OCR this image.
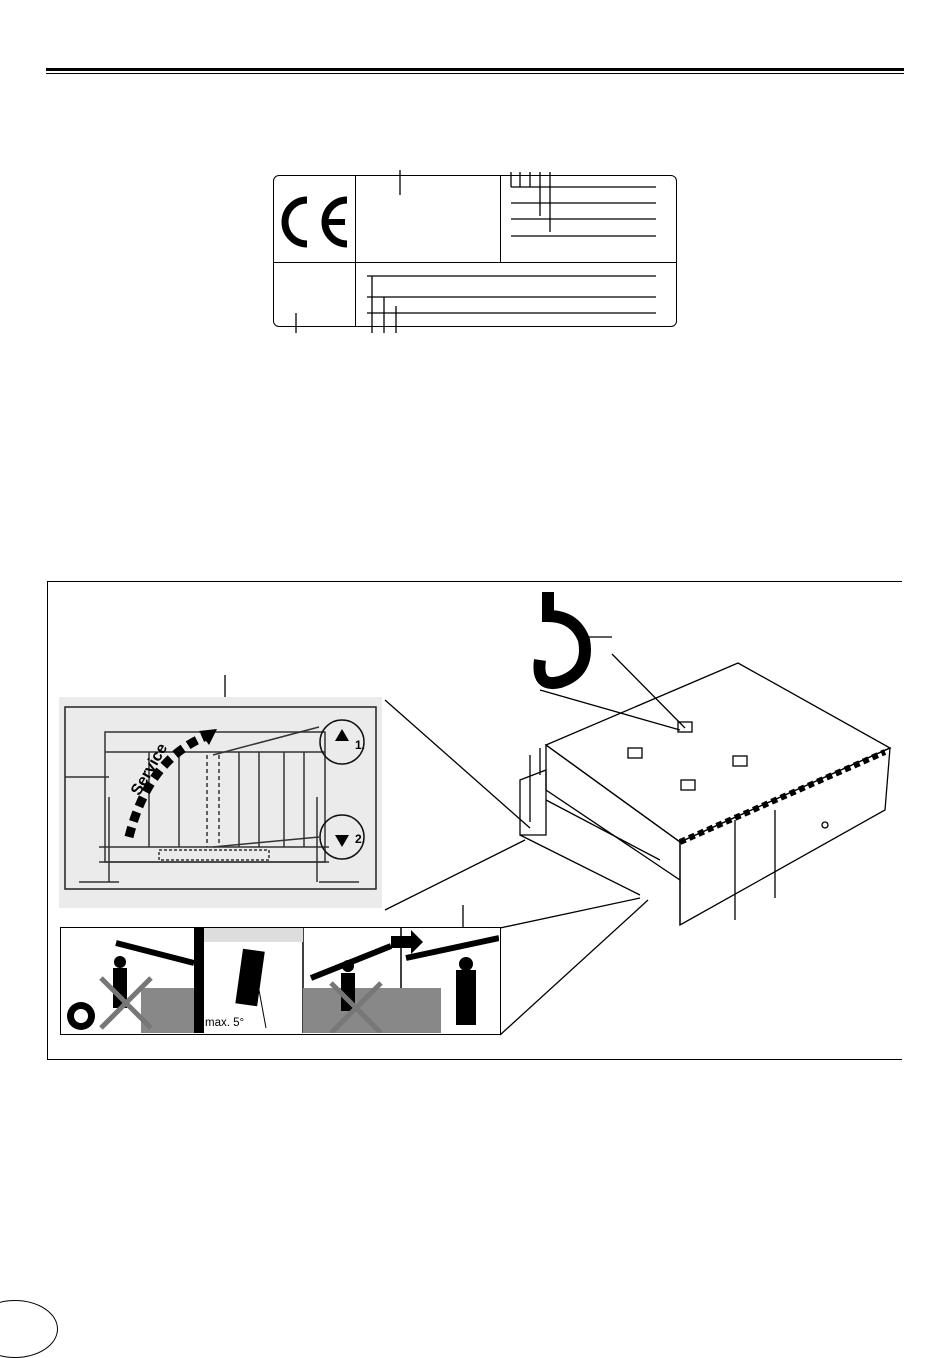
Service	1.
2.
max. 5°
